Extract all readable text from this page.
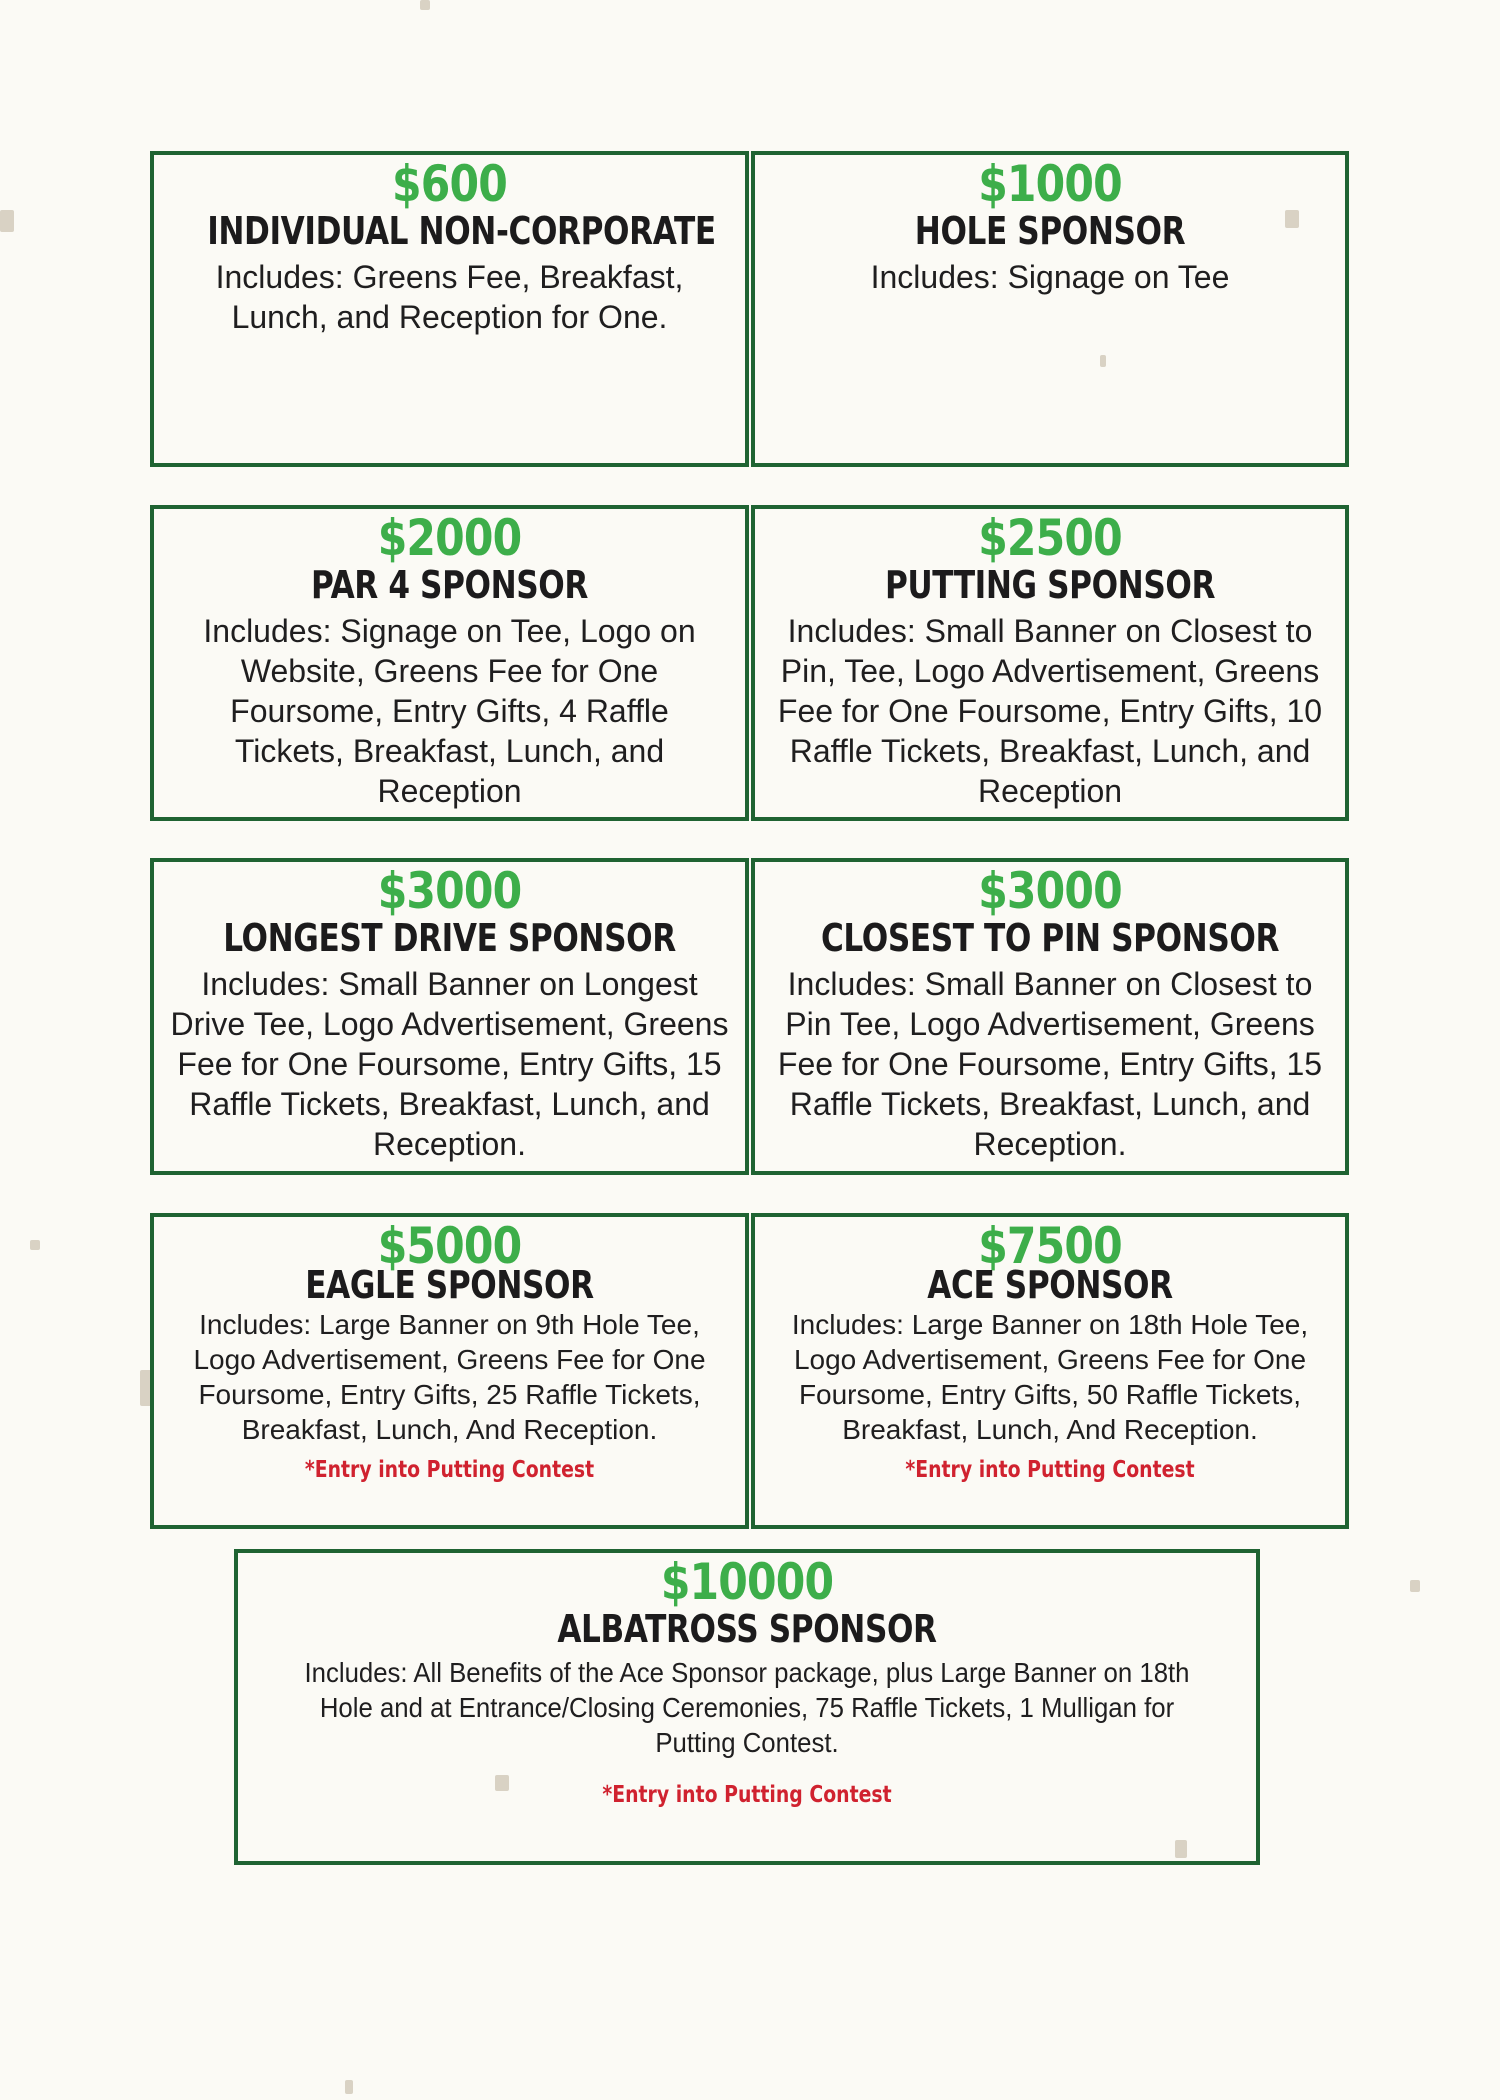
$600
INDIVIDUAL NON-CORPORATE
Includes: Greens Fee, Breakfast, Lunch, and Reception for One.
$1000
HOLE SPONSOR
Includes: Signage on Tee
$2000
PAR 4 SPONSOR
Includes: Signage on Tee, Logo on Website, Greens Fee for One Foursome, Entry Gifts, 4 Raffle Tickets, Breakfast, Lunch, and Reception
$2500
PUTTING SPONSOR
Includes: Small Banner on Closest to Pin, Tee, Logo Advertisement, Greens Fee for One Foursome, Entry Gifts, 10 Raffle Tickets, Breakfast, Lunch, and Reception
$3000
LONGEST DRIVE SPONSOR
Includes: Small Banner on Longest Drive Tee, Logo Advertisement, Greens Fee for One Foursome, Entry Gifts, 15 Raffle Tickets, Breakfast, Lunch, and Reception.
$3000
CLOSEST TO PIN SPONSOR
Includes: Small Banner on Closest to Pin Tee, Logo Advertisement, Greens Fee for One Foursome, Entry Gifts, 15 Raffle Tickets, Breakfast, Lunch, and Reception.
$5000
EAGLE SPONSOR
Includes: Large Banner on 9th Hole Tee, Logo Advertisement, Greens Fee for One Foursome, Entry Gifts, 25 Raffle Tickets, Breakfast, Lunch, And Reception.
*Entry into Putting Contest
$7500
ACE SPONSOR
Includes: Large Banner on 18th Hole Tee, Logo Advertisement, Greens Fee for One Foursome, Entry Gifts, 50 Raffle Tickets, Breakfast, Lunch, And Reception.
*Entry into Putting Contest
$10000
ALBATROSS SPONSOR
Includes: All Benefits of the Ace Sponsor package, plus Large Banner on 18th Hole and at Entrance/Closing Ceremonies, 75 Raffle Tickets, 1 Mulligan for Putting Contest.
*Entry into Putting Contest
